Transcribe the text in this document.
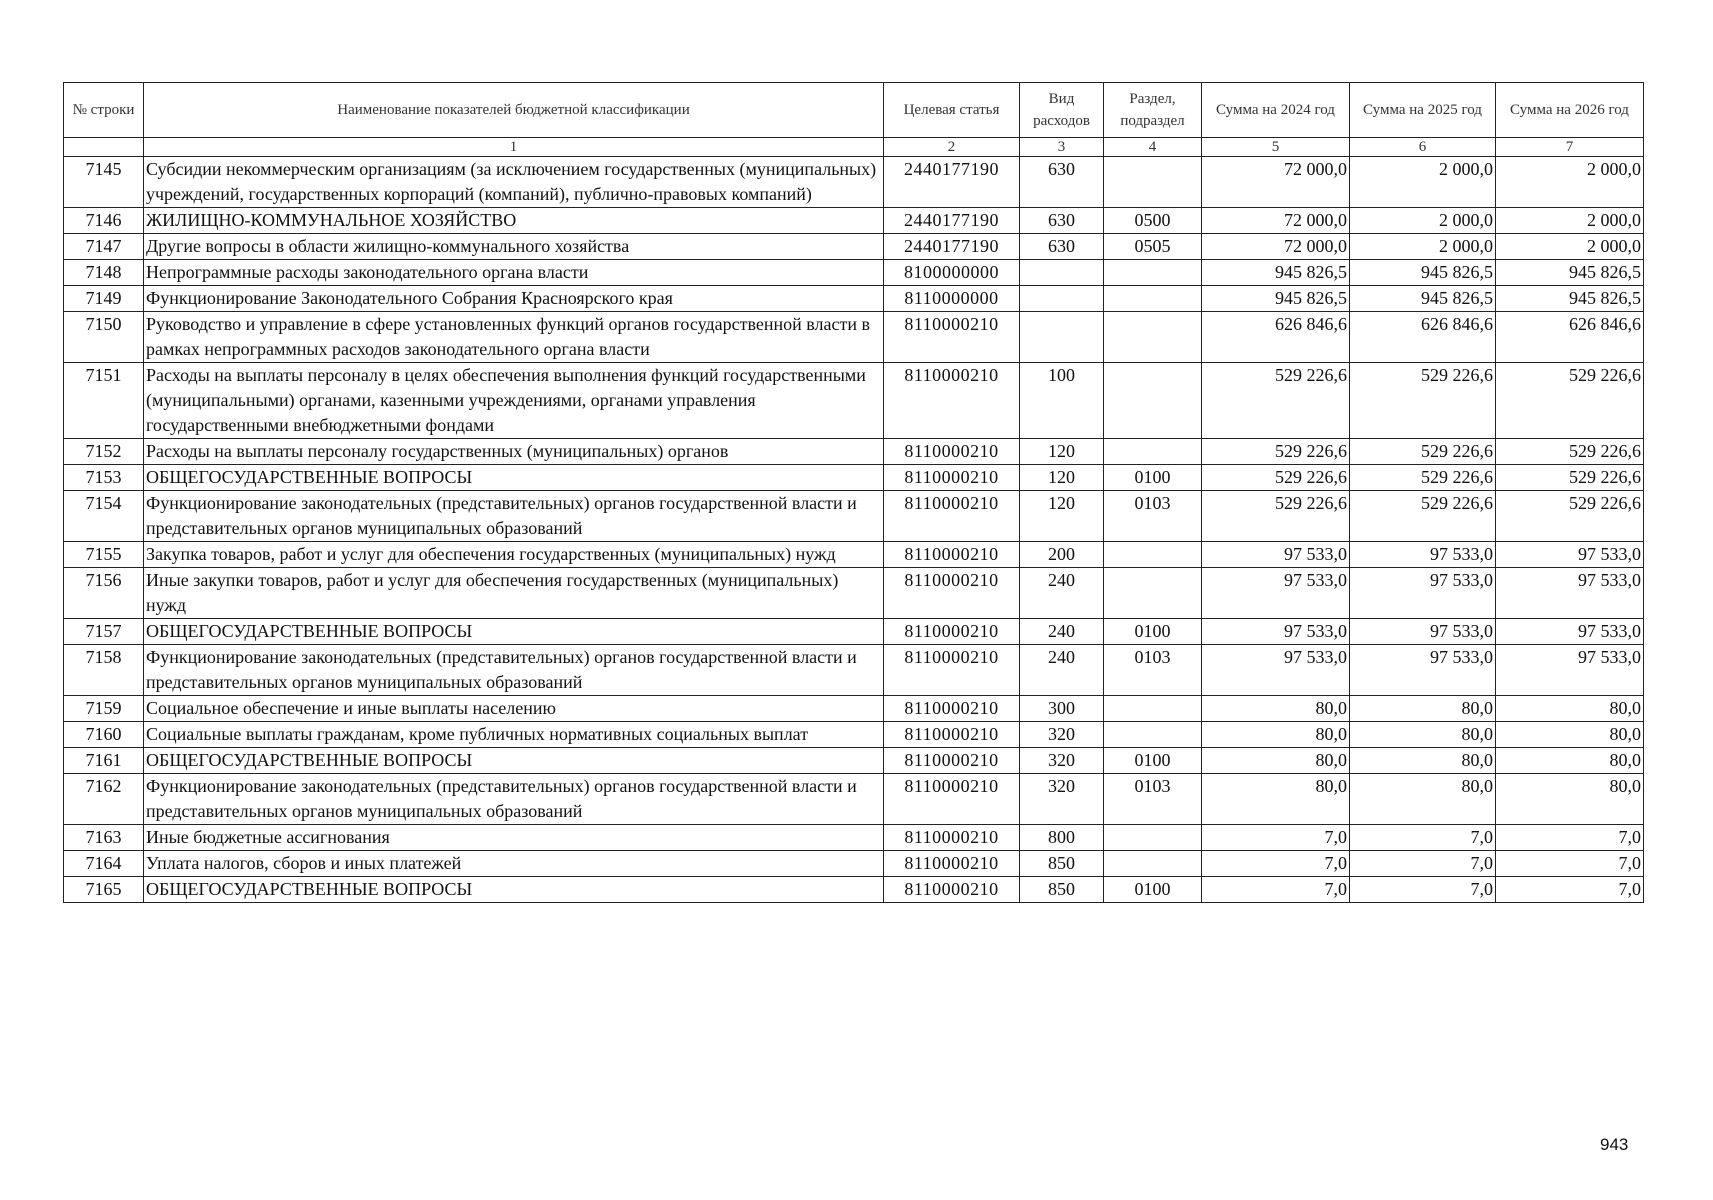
№ строки	Наименование показателей бюджетной классификации	Целевая статья	Вид расходов	Раздел, подраздел	Сумма на 2024 год	Сумма на 2025 год	Сумма на 2026 год
	1	2	3	4	5	6	7
7145	Субсидии некоммерческим организациям (за исключением государственных (муниципальных) учреждений, государственных корпораций (компаний), публично-правовых компаний)	2440177190	630		72 000,0	2 000,0	2 000,0
7146	ЖИЛИЩНО-КОММУНАЛЬНОЕ ХОЗЯЙСТВО	2440177190	630	0500	72 000,0	2 000,0	2 000,0
7147	Другие вопросы в области жилищно-коммунального хозяйства	2440177190	630	0505	72 000,0	2 000,0	2 000,0
7148	Непрограммные расходы законодательного органа власти	8100000000			945 826,5	945 826,5	945 826,5
7149	Функционирование Законодательного Собрания Красноярского края	8110000000			945 826,5	945 826,5	945 826,5
7150	Руководство и управление в сфере установленных функций органов государственной власти в рамках непрограммных расходов законодательного органа власти	8110000210			626 846,6	626 846,6	626 846,6
7151	Расходы на выплаты персоналу в целях обеспечения выполнения функций государственными (муниципальными) органами, казенными учреждениями, органами управления государственными внебюджетными фондами	8110000210	100		529 226,6	529 226,6	529 226,6
7152	Расходы на выплаты персоналу государственных (муниципальных) органов	8110000210	120		529 226,6	529 226,6	529 226,6
7153	ОБЩЕГОСУДАРСТВЕННЫЕ ВОПРОСЫ	8110000210	120	0100	529 226,6	529 226,6	529 226,6
7154	Функционирование законодательных (представительных) органов государственной власти и представительных органов муниципальных образований	8110000210	120	0103	529 226,6	529 226,6	529 226,6
7155	Закупка товаров, работ и услуг для обеспечения государственных (муниципальных) нужд	8110000210	200		97 533,0	97 533,0	97 533,0
7156	Иные закупки товаров, работ и услуг для обеспечения государственных (муниципальных) нужд	8110000210	240		97 533,0	97 533,0	97 533,0
7157	ОБЩЕГОСУДАРСТВЕННЫЕ ВОПРОСЫ	8110000210	240	0100	97 533,0	97 533,0	97 533,0
7158	Функционирование законодательных (представительных) органов государственной власти и представительных органов муниципальных образований	8110000210	240	0103	97 533,0	97 533,0	97 533,0
7159	Социальное обеспечение и иные выплаты населению	8110000210	300		80,0	80,0	80,0
7160	Социальные выплаты гражданам, кроме публичных нормативных социальных выплат	8110000210	320		80,0	80,0	80,0
7161	ОБЩЕГОСУДАРСТВЕННЫЕ ВОПРОСЫ	8110000210	320	0100	80,0	80,0	80,0
7162	Функционирование законодательных (представительных) органов государственной власти и представительных органов муниципальных образований	8110000210	320	0103	80,0	80,0	80,0
7163	Иные бюджетные ассигнования	8110000210	800		7,0	7,0	7,0
7164	Уплата налогов, сборов и иных платежей	8110000210	850		7,0	7,0	7,0
7165	ОБЩЕГОСУДАРСТВЕННЫЕ ВОПРОСЫ	8110000210	850	0100	7,0	7,0	7,0
943
